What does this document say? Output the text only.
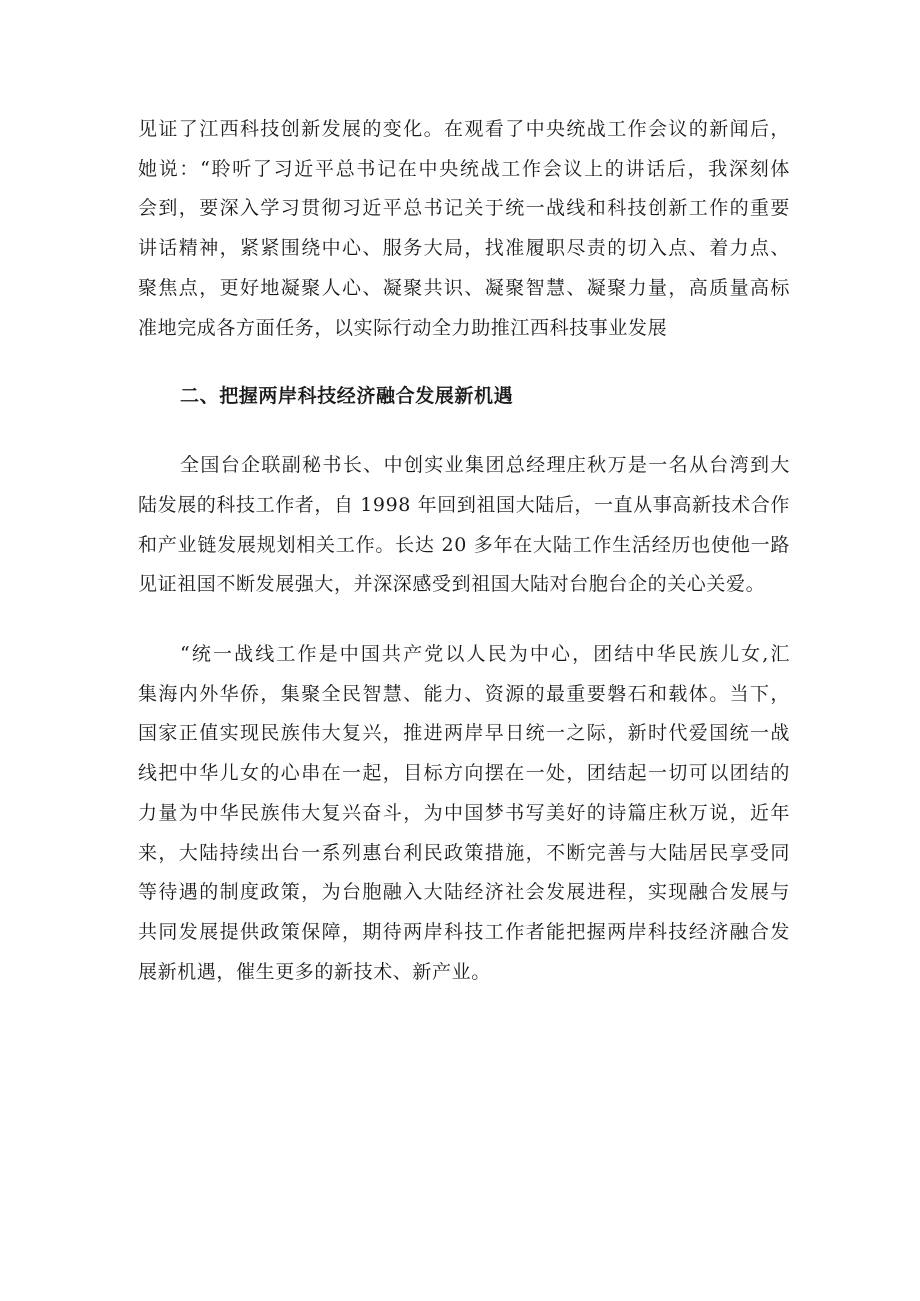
见证了江西科技创新发展的变化。在观看了中央统战工作会议的新闻后，
她说：“聆听了习近平总书记在中央统战工作会议上的讲话后，我深刻体
会到，要深入学习贯彻习近平总书记关于统一战线和科技创新工作的重要
讲话精神，紧紧围绕中心、服务大局，找准履职尽责的切入点、着力点、
聚焦点，更好地凝聚人心、凝聚共识、凝聚智慧、凝聚力量，高质量高标
准地完成各方面任务，以实际行动全力助推江西科技事业发展

二、把握两岸科技经济融合发展新机遇

全国台企联副秘书长、中创实业集团总经理庄秋万是一名从台湾到大
陆发展的科技工作者，自 1998 年回到祖国大陆后，一直从事高新技术合作
和产业链发展规划相关工作。长达 20 多年在大陆工作生活经历也使他一路
见证祖国不断发展强大，并深深感受到祖国大陆对台胞台企的关心关爱。

“统一战线工作是中国共产党以人民为中心，团结中华民族儿女,汇
集海内外华侨，集聚全民智慧、能力、资源的最重要磐石和载体。当下，
国家正值实现民族伟大复兴，推进两岸早日统一之际，新时代爱国统一战
线把中华儿女的心串在一起，目标方向摆在一处，团结起一切可以团结的
力量为中华民族伟大复兴奋斗，为中国梦书写美好的诗篇庄秋万说，近年
来，大陆持续出台一系列惠台利民政策措施，不断完善与大陆居民享受同
等待遇的制度政策，为台胞融入大陆经济社会发展进程，实现融合发展与
共同发展提供政策保障，期待两岸科技工作者能把握两岸科技经济融合发
展新机遇，催生更多的新技术、新产业。
